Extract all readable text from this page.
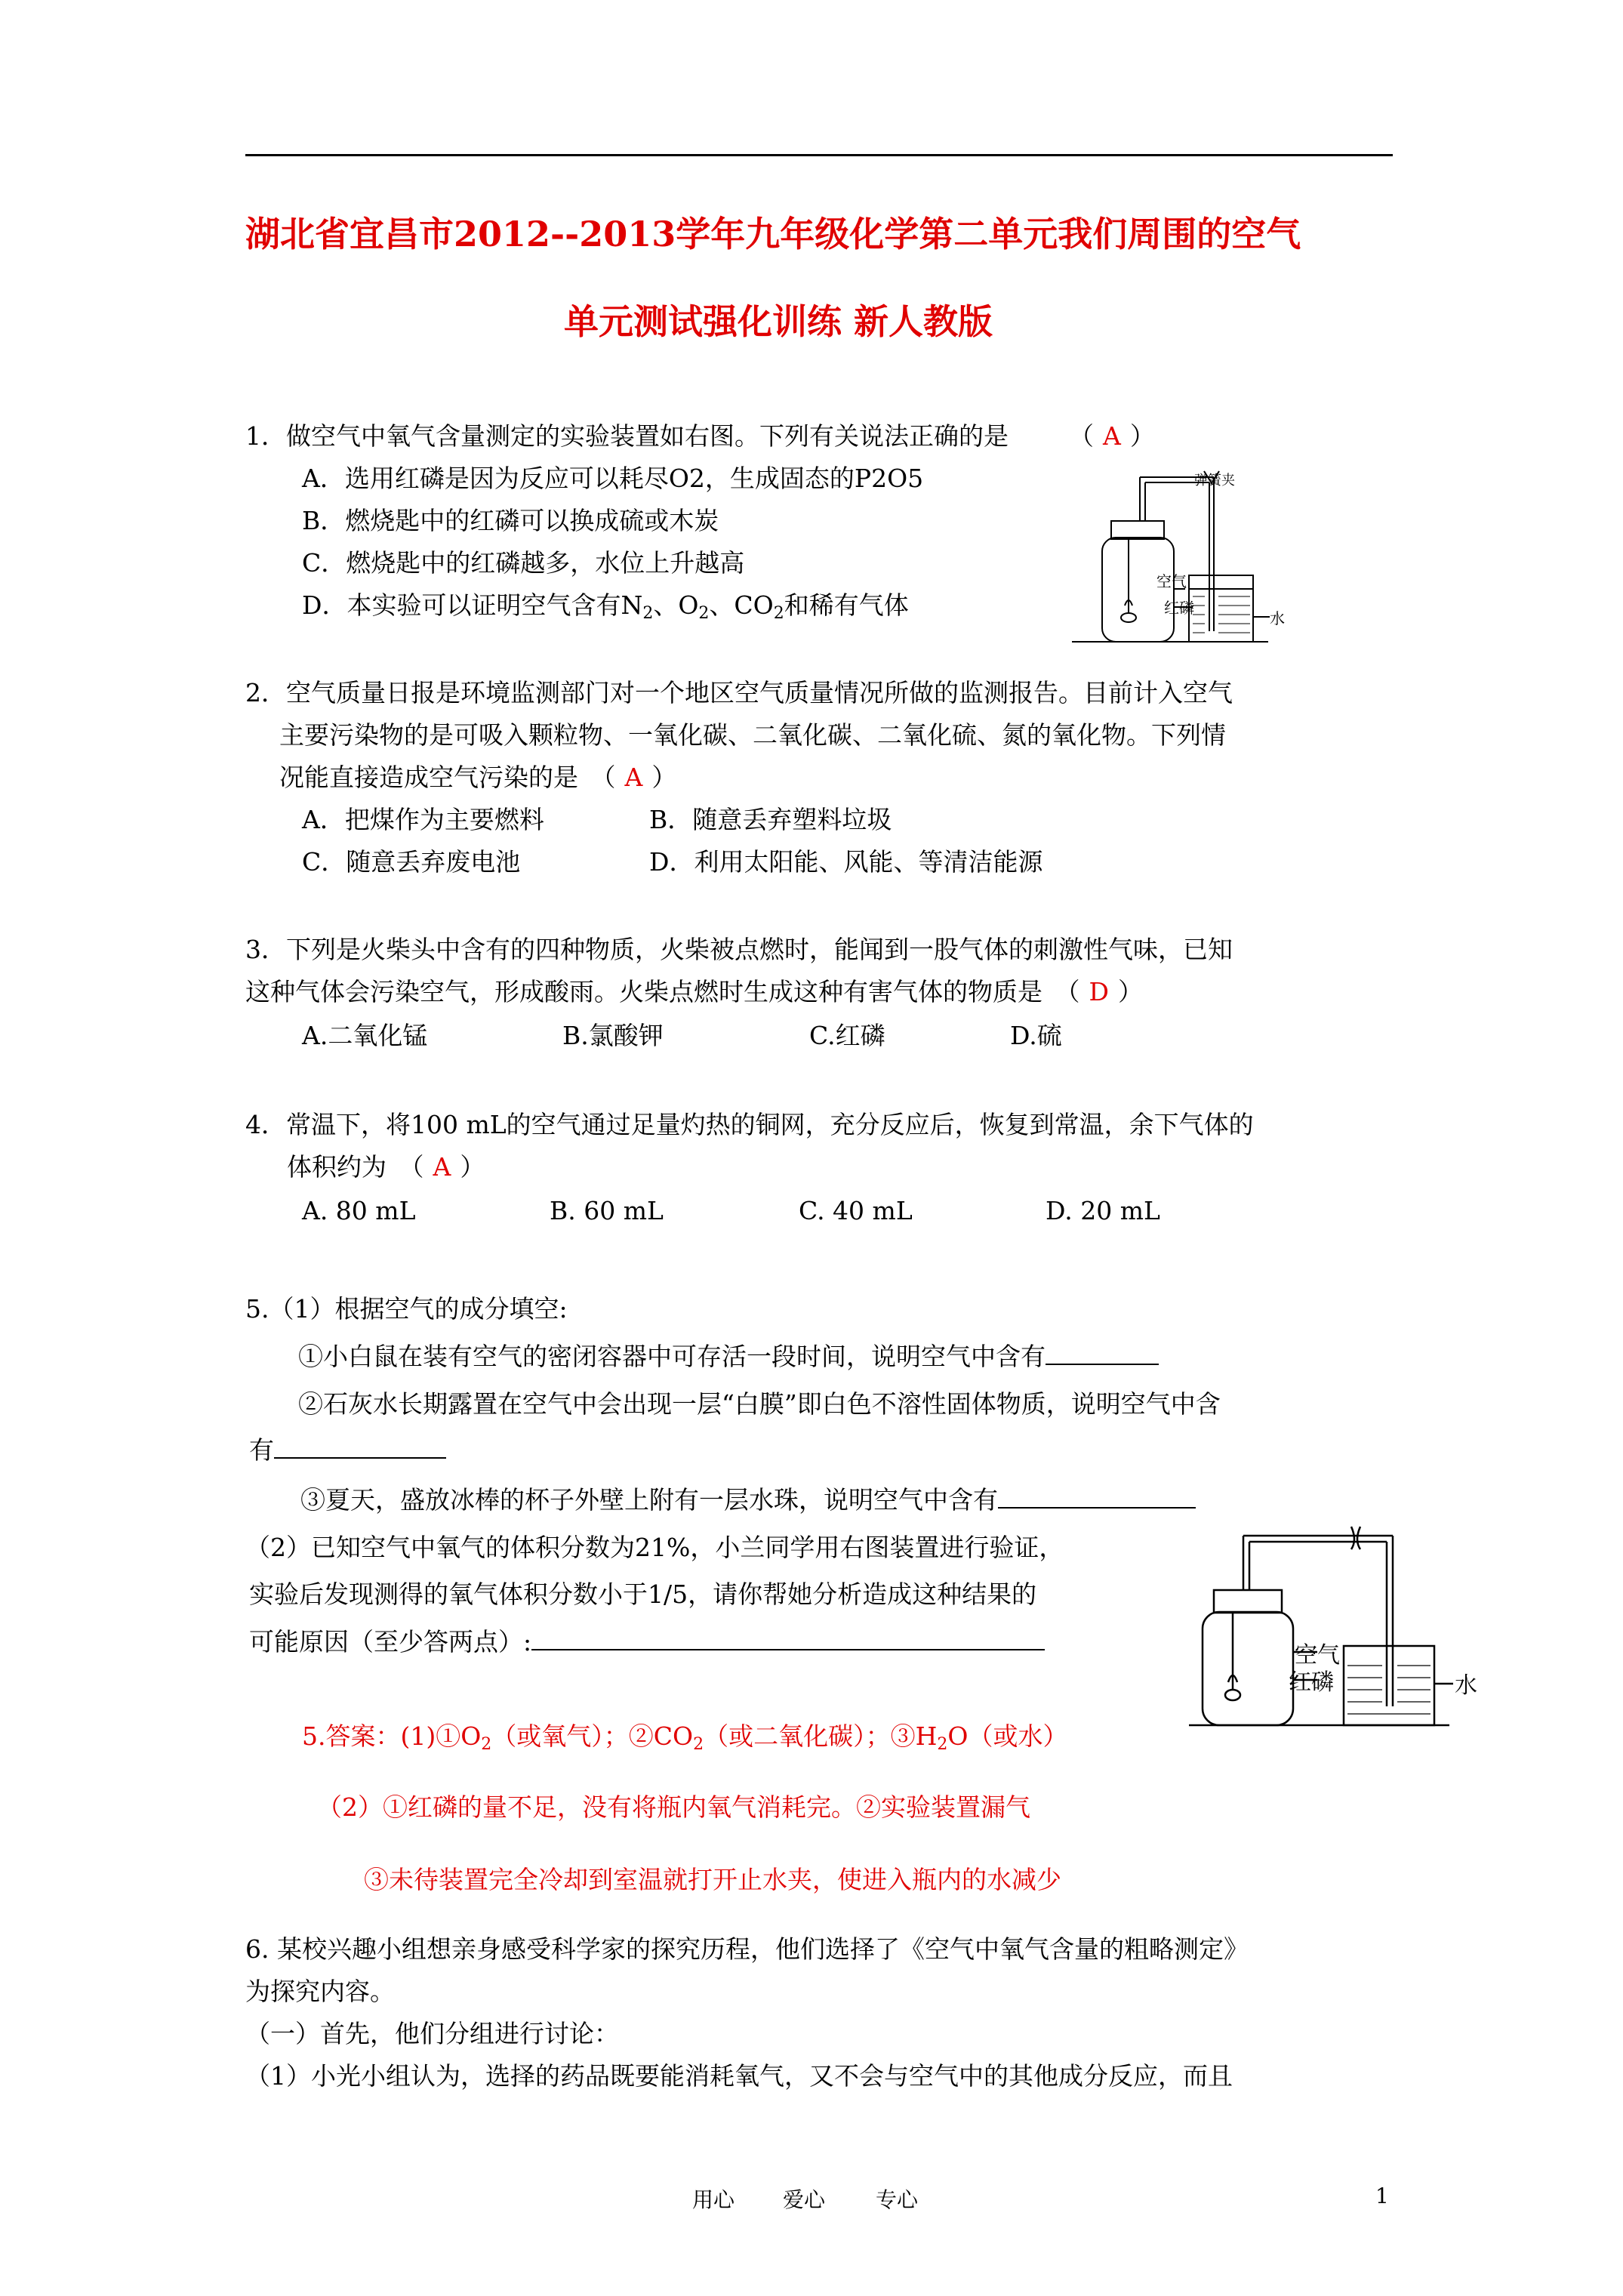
湖北省宜昌市2012--2013学年九年级化学第二单元我们周围的空气
单元测试强化训练 新人教版
1．做空气中氧气含量测定的实验装置如右图。下列有关说法正确的是 （ A ）
A．选用红磷是因为反应可以耗尽O2，生成固态的P2O5
B．燃烧匙中的红磷可以换成硫或木炭
C．燃烧匙中的红磷越多，水位上升越高
D．本实验可以证明空气含有$N_2$、$O_2$、$CO_2$和稀有气体
弹簧夹
空气
红磷
水
2．空气质量日报是环境监测部门对一个地区空气质量情况所做的监测报告。目前计入空气
主要污染物的是可吸入颗粒物、一氧化碳、二氧化碳、二氧化硫、氮的氧化物。下列情
况能直接造成空气污染的是　（ A ）
A．把煤作为主要燃料	B．随意丢弃塑料垃圾
C．随意丢弃废电池	D．利用太阳能、风能、等清洁能源
3．下列是火柴头中含有的四种物质，火柴被点燃时，能闻到一股气体的刺激性气味，已知
这种气体会污染空气，形成酸雨。火柴点燃时生成这种有害气体的物质是　（ D ）
A.二氧化锰	B.氯酸钾	C.红磷	D.硫
4．常温下，将100 mL的空气通过足量灼热的铜网，充分反应后，恢复到常温，余下气体的
体积约为　（ A ）
A. 80 mL	B. 60 mL	C. 40 mL	D. 20 mL
5.（1）根据空气的成分填空:
①小白鼠在装有空气的密闭容器中可存活一段时间，说明空气中含有
②石灰水长期露置在空气中会出现一层“白膜”即白色不溶性固体物质，说明空气中含
有
③夏天，盛放冰棒的杯子外壁上附有一层水珠，说明空气中含有
（2）已知空气中氧气的体积分数为21%，小兰同学用右图装置进行验证，
实验后发现测得的氧气体积分数小于1/5，请你帮她分析造成这种结果的
可能原因（至少答两点）:	空气
红磷	水
5.答案：$(1)①O_2$（或氧气）；$②CO_2$（或二氧化碳）；$③H_2O$（或水）
（2）①红磷的量不足，没有将瓶内氧气消耗完。②实验装置漏气
③未待装置完全冷却到室温就打开止水夹，使进入瓶内的水减少
6. 某校兴趣小组想亲身感受科学家的探究历程，他们选择了《空气中氧气含量的粗略测定》
为探究内容。
（一）首先，他们分组进行讨论：
（1）小光小组认为，选择的药品既要能消耗氧气，又不会与空气中的其他成分反应，而且
用心 爱心 专心	1
